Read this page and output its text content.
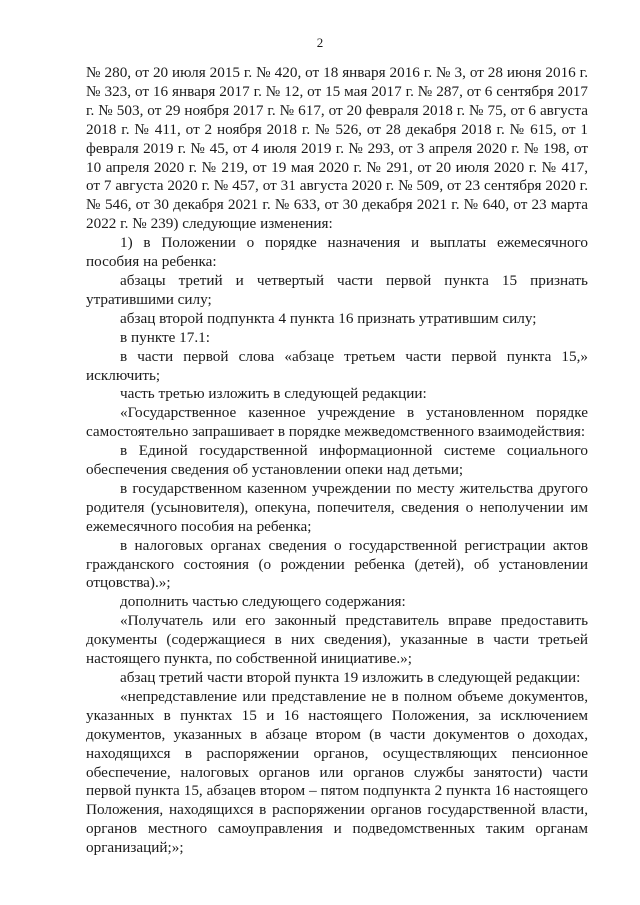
2

№ 280, от 20 июля 2015 г. № 420, от 18 января 2016 г. № 3, от 28 июня 2016 г. № 323, от 16 января 2017 г. № 12, от 15 мая 2017 г. № 287, от 6 сентября 2017 г. № 503, от 29 ноября 2017 г. № 617, от 20 февраля 2018 г. № 75, от 6 августа 2018 г. № 411, от 2 ноября 2018 г. № 526, от 28 декабря 2018 г. № 615, от 1 февраля 2019 г. № 45, от 4 июля 2019 г. № 293, от 3 апреля 2020 г. № 198, от 10 апреля 2020 г. № 219, от 19 мая 2020 г. № 291, от 20 июля 2020 г. № 417, от 7 августа 2020 г. № 457, от 31 августа 2020 г. № 509, от 23 сентября 2020 г. № 546, от 30 декабря 2021 г. № 633, от 30 декабря 2021 г. № 640, от 23 марта 2022 г. № 239) следующие изменения:

1) в Положении о порядке назначения и выплаты ежемесячного пособия на ребенка:

абзацы третий и четвертый части первой пункта 15 признать утратившими силу;

абзац второй подпункта 4 пункта 16 признать утратившим силу;

в пункте 17.1:

в части первой слова «абзаце третьем части первой пункта 15,» исключить;

часть третью изложить в следующей редакции:

«Государственное казенное учреждение в установленном порядке самостоятельно запрашивает в порядке межведомственного взаимодействия:

в Единой государственной информационной системе социального обеспечения сведения об установлении опеки над детьми;

в государственном казенном учреждении по месту жительства другого родителя (усыновителя), опекуна, попечителя, сведения о неполучении им ежемесячного пособия на ребенка;

в налоговых органах сведения о государственной регистрации актов гражданского состояния (о рождении ребенка (детей), об установлении отцовства).»;

дополнить частью следующего содержания:

«Получатель или его законный представитель вправе предоставить документы (содержащиеся в них сведения), указанные в части третьей настоящего пункта, по собственной инициативе.»;

абзац третий части второй пункта 19 изложить в следующей редакции:

«непредставление или представление не в полном объеме документов, указанных в пунктах 15 и 16 настоящего Положения, за исключением документов, указанных в абзаце втором (в части документов о доходах, находящихся в распоряжении органов, осуществляющих пенсионное обеспечение, налоговых органов или органов службы занятости) части первой пункта 15, абзацев втором – пятом подпункта 2 пункта 16 настоящего Положения, находящихся в распоряжении органов государственной власти, органов местного самоуправления и подведомственных таким органам организаций;»;
